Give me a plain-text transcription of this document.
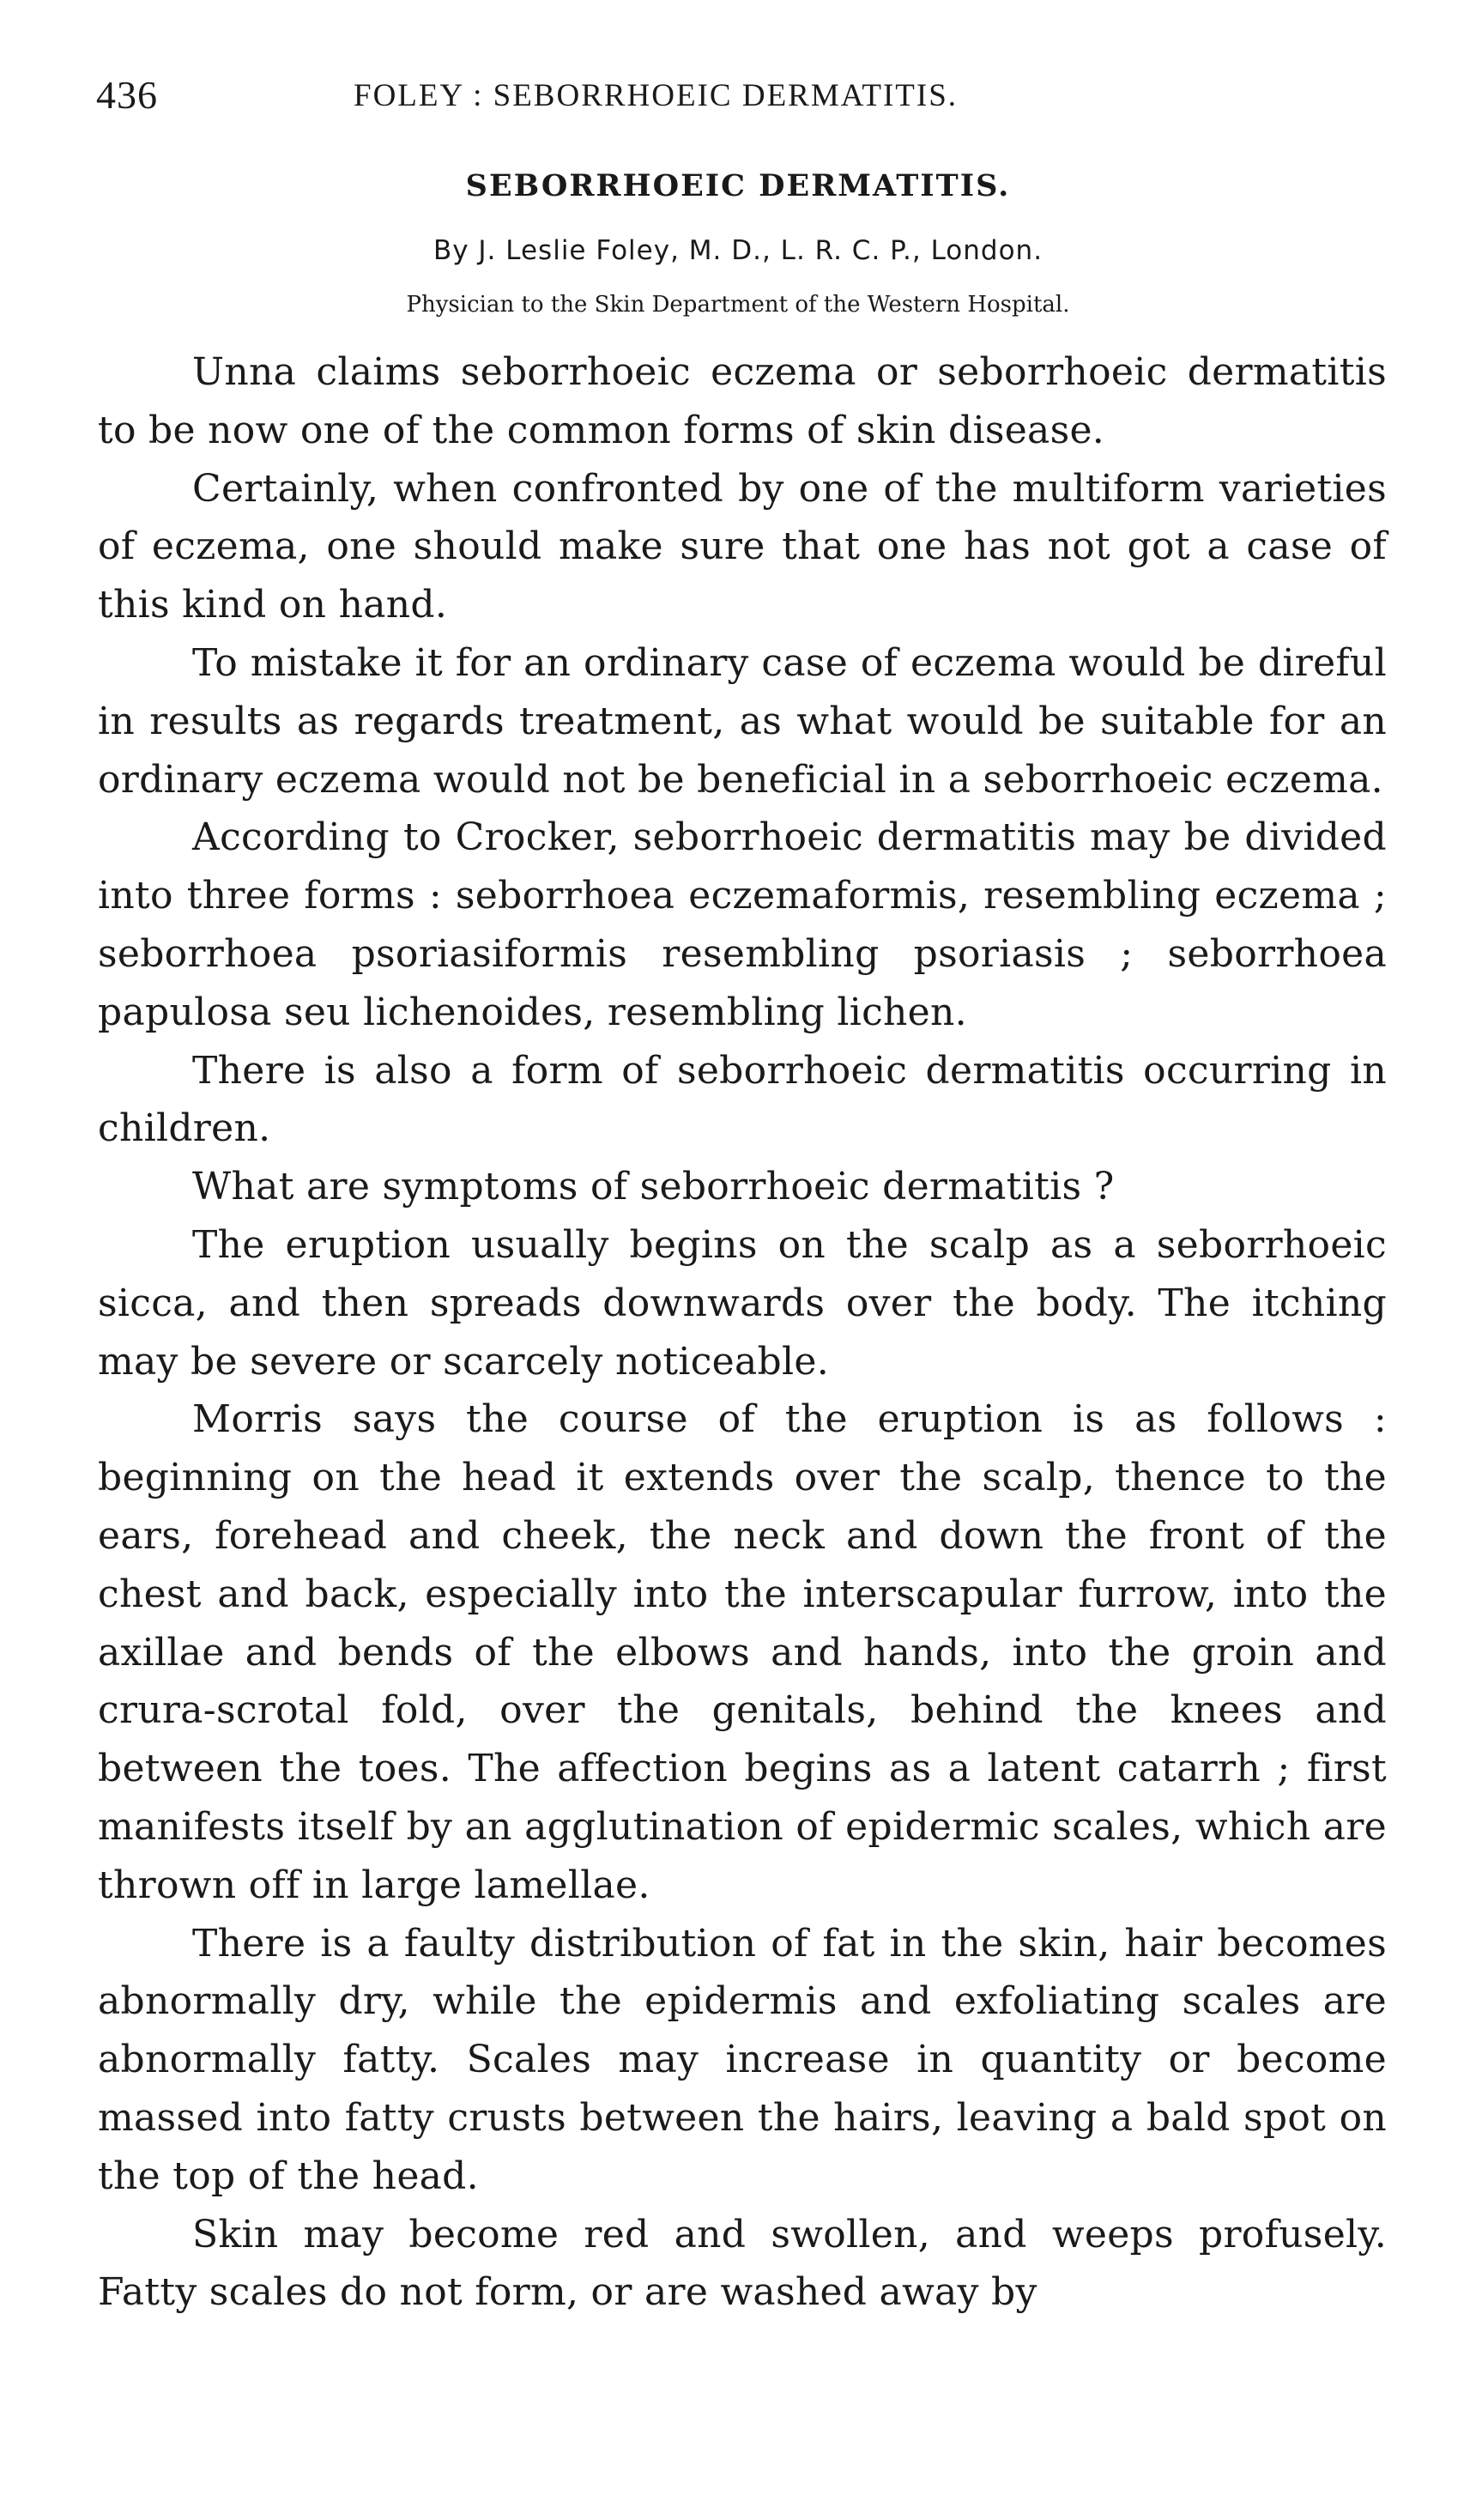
436	FOLEY : SEBORRHOEIC DERMATITIS.
SEBORRHOEIC DERMATITIS.
By J. Leslie Foley, M. D., L. R. C. P., London.
Physician to the Skin Department of the Western Hospital.

Unna claims seborrhoeic eczema or seborrhoeic dermatitis to be now one of the common forms of skin disease.

Certainly, when confronted by one of the multiform varieties of eczema, one should make sure that one has not got a case of this kind on hand.

To mistake it for an ordinary case of eczema would be direful in results as regards treatment, as what would be suitable for an ordinary eczema would not be beneficial in a seborrhoeic eczema.

According to Crocker, seborrhoeic dermatitis may be divided into three forms : seborrhoea eczemaformis, resembling eczema ; seborrhoea psoriasiformis resembling psoriasis ; seborrhoea papulosa seu lichenoides, resembling lichen.

There is also a form of seborrhoeic dermatitis occurring in children.

What are symptoms of seborrhoeic dermatitis ?

The eruption usually begins on the scalp as a seborrhoeic sicca, and then spreads downwards over the body. The itching may be severe or scarcely noticeable.

Morris says the course of the eruption is as follows : beginning on the head it extends over the scalp, thence to the ears, forehead and cheek, the neck and down the front of the chest and back, especially into the interscapular furrow, into the axillae and bends of the elbows and hands, into the groin and crura-scrotal fold, over the genitals, behind the knees and between the toes. The affection begins as a latent catarrh ; first manifests itself by an agglutination of epidermic scales, which are thrown off in large lamellae.

There is a faulty distribution of fat in the skin, hair becomes abnormally dry, while the epidermis and exfoliating scales are abnormally fatty. Scales may increase in quantity or become massed into fatty crusts between the hairs, leaving a bald spot on the top of the head.

Skin may become red and swollen, and weeps profusely. Fatty scales do not form, or are washed away by
